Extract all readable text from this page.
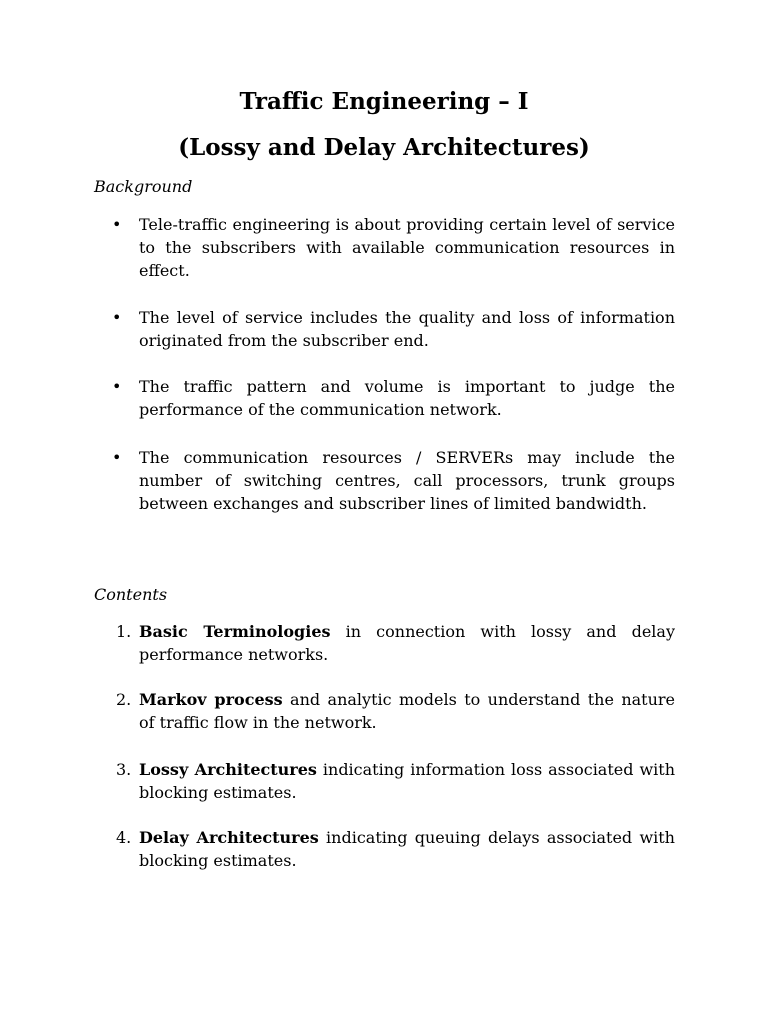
Traffic Engineering – I
(Lossy and Delay Architectures)

Background

• Tele-traffic engineering is about providing certain level of service to the subscribers with available communication resources in effect.

• The level of service includes the quality and loss of information originated from the subscriber end.

• The traffic pattern and volume is important to judge the performance of the communication network.

• The communication resources / SERVERs may include the number of switching centres, call processors, trunk groups between exchanges and subscriber lines of limited bandwidth.

Contents

1. Basic Terminologies in connection with lossy and delay performance networks.

2. Markov process and analytic models to understand the nature of traffic flow in the network.

3. Lossy Architectures indicating information loss associated with blocking estimates.

4. Delay Architectures indicating queuing delays associated with blocking estimates.
